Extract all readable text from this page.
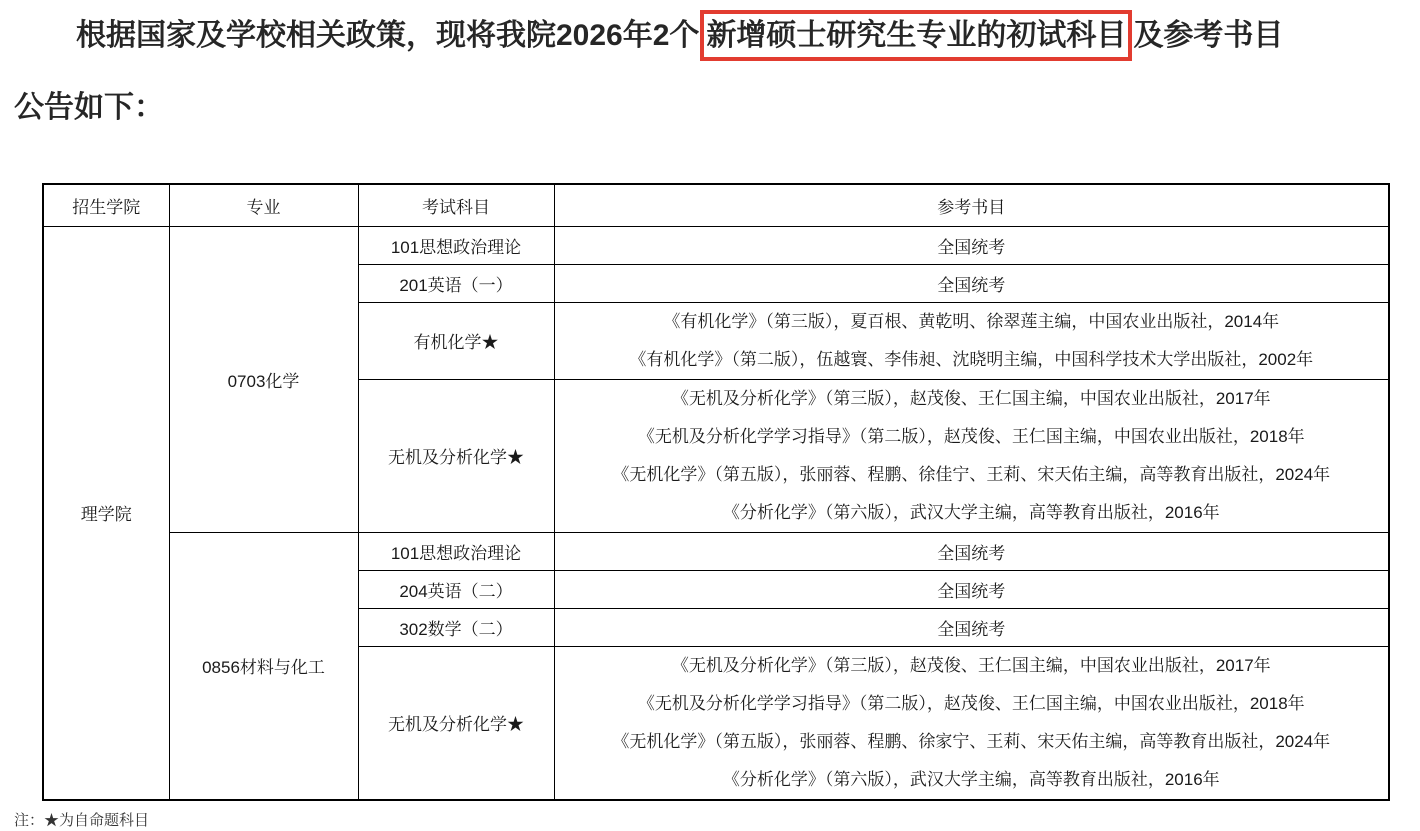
根据国家及学校相关政策，现将我院2026年2个 新增硕士研究生专业的初试科目 及参考书目
公告如下：
招生学院	专业	考试科目	参考书目
理学院	0703化学	101思想政治理论	全国统考
		201英语（一）	全国统考
		有机化学★	《有机化学》（第三版），夏百根、黄乾明、徐翠莲主编，中国农业出版社，2014年
《有机化学》（第二版），伍越寰、李伟昶、沈晓明主编，中国科学技术大学出版社，2002年

		无机及分析化学★	《无机及分析化学》（第三版），赵茂俊、王仁国主编，中国农业出版社，2017年
《无机及分析化学学习指导》（第二版），赵茂俊、王仁国主编，中国农业出版社，2018年
《无机化学》（第五版），张丽蓉、程鹏、徐佳宁、王莉、宋天佑主编，高等教育出版社，2024年
《分析化学》（第六版），武汉大学主编，高等教育出版社，2016年

	0856材料与化工	101思想政治理论	全国统考
		204英语（二）	全国统考
		302数学（二）	全国统考
		无机及分析化学★	《无机及分析化学》（第三版），赵茂俊、王仁国主编，中国农业出版社，2017年
《无机及分析化学学习指导》（第二版），赵茂俊、王仁国主编，中国农业出版社，2018年
《无机化学》（第五版），张丽蓉、程鹏、徐家宁、王莉、宋天佑主编，高等教育出版社，2024年
《分析化学》（第六版），武汉大学主编，高等教育出版社，2016年
注：★为自命题科目
